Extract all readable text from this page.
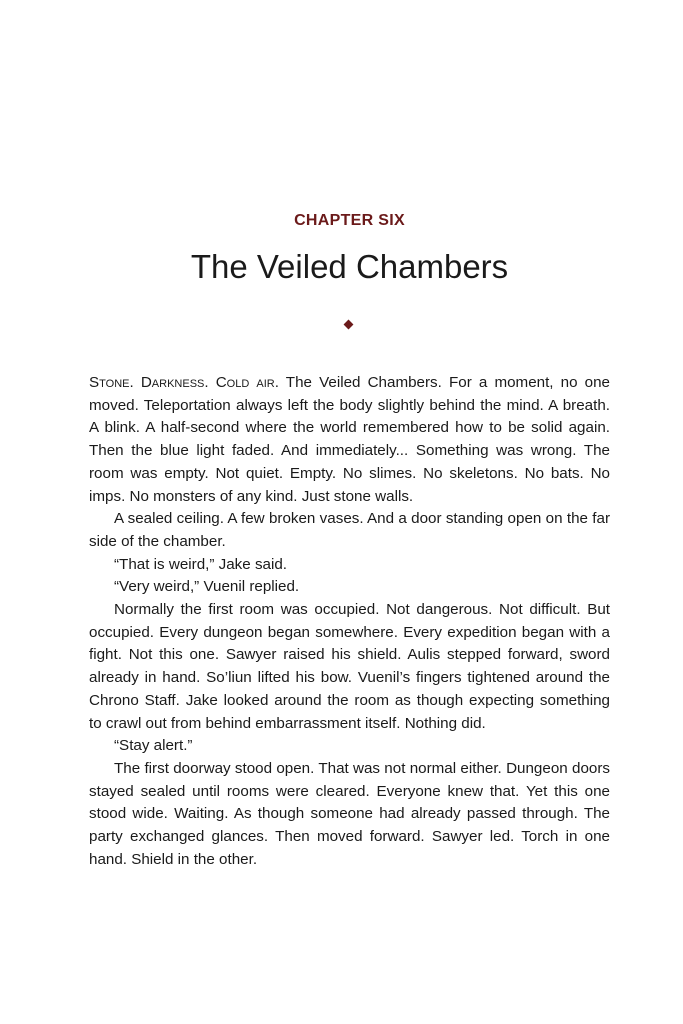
CHAPTER SIX
The Veiled Chambers

Stone. Darkness. Cold air. The Veiled Chambers. For a moment, no one moved. Teleportation always left the body slightly behind the mind. A breath. A blink. A half-second where the world remembered how to be solid again. Then the blue light faded. And immediately... Something was wrong. The room was empty. Not quiet. Empty. No slimes. No skeletons. No bats. No imps. No monsters of any kind. Just stone walls.

A sealed ceiling. A few broken vases. And a door standing open on the far side of the chamber.

“That is weird,” Jake said.

“Very weird,” Vuenil replied.

Normally the first room was occupied. Not dangerous. Not difficult. But occupied. Every dungeon began somewhere. Every expedition began with a fight. Not this one. Sawyer raised his shield. Aulis stepped forward, sword already in hand. So’liun lifted his bow. Vuenil’s fingers tightened around the Chrono Staff. Jake looked around the room as though expecting something to crawl out from behind embarrassment itself. Nothing did.

“Stay alert.”

The first doorway stood open. That was not normal either. Dungeon doors stayed sealed until rooms were cleared. Everyone knew that. Yet this one stood wide. Waiting. As though someone had already passed through. The party exchanged glances. Then moved forward. Sawyer led. Torch in one hand. Shield in the other.
